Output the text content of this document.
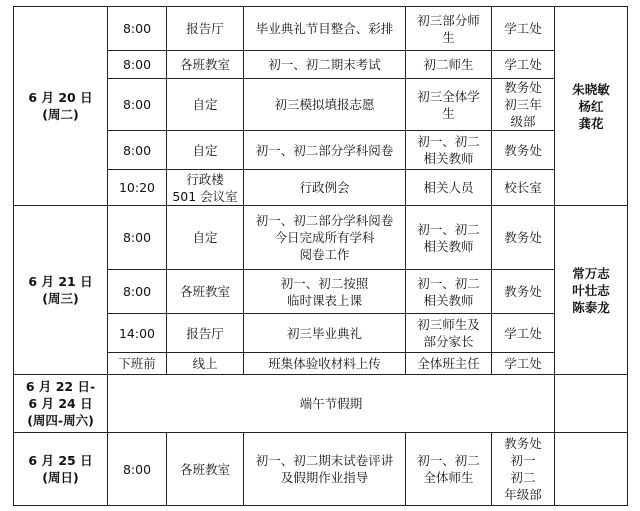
6 月 20 日
(周二)	8:00	报告厅	毕业典礼节目整合、彩排	初三部分师
生	学工处	朱晓敏
杨红
龚花

	8:00	各班教室	初一、初二期末考试	初二师生	学工处	

	8:00	自定	初三模拟填报志愿	初三全体学
生	教务处
初三年
级部	

	8:00	自定	初一、初二部分学科阅卷	初一、初二
相关教师	教务处	

	10:20	行政楼
501 会议室	行政例会	相关人员	校长室	

6 月 21 日
(周三)	8:00	自定	初一、初二部分学科阅卷
今日完成所有学科
阅卷工作	初一、初二
相关教师	教务处	常万志
叶壮志
陈泰龙

	8:00	各班教室	初一、初二按照
临时课表上课	初一、初二
相关教师	教务处	

	14:00	报告厅	初三毕业典礼	初三师生及
部分家长	学工处	

	下班前	线上	班集体验收材料上传	全体班主任	学工处	

6 月 22 日-
6 月 24 日
(周四-周六)	端午节假期					

6 月 25 日
(周日)	8:00	各班教室	初一、初二期末试卷评讲
及假期作业指导	初一、初二
全体师生	教务处
初一
初二
年级部	
